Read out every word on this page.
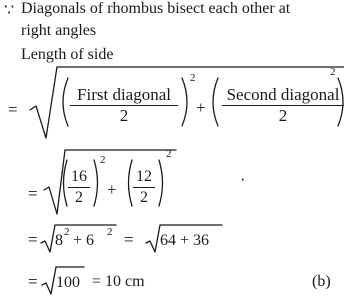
∵ Diagonals of rhombus bisect each other at
right angles
Length of side
=
First diagonal
2
2
+
Second diagonal
2
2
=
16
2
2
+
12
2
2
·
= 8 2 + 6 2 = 64 + 36
= 100 = 10 cm	(b)
